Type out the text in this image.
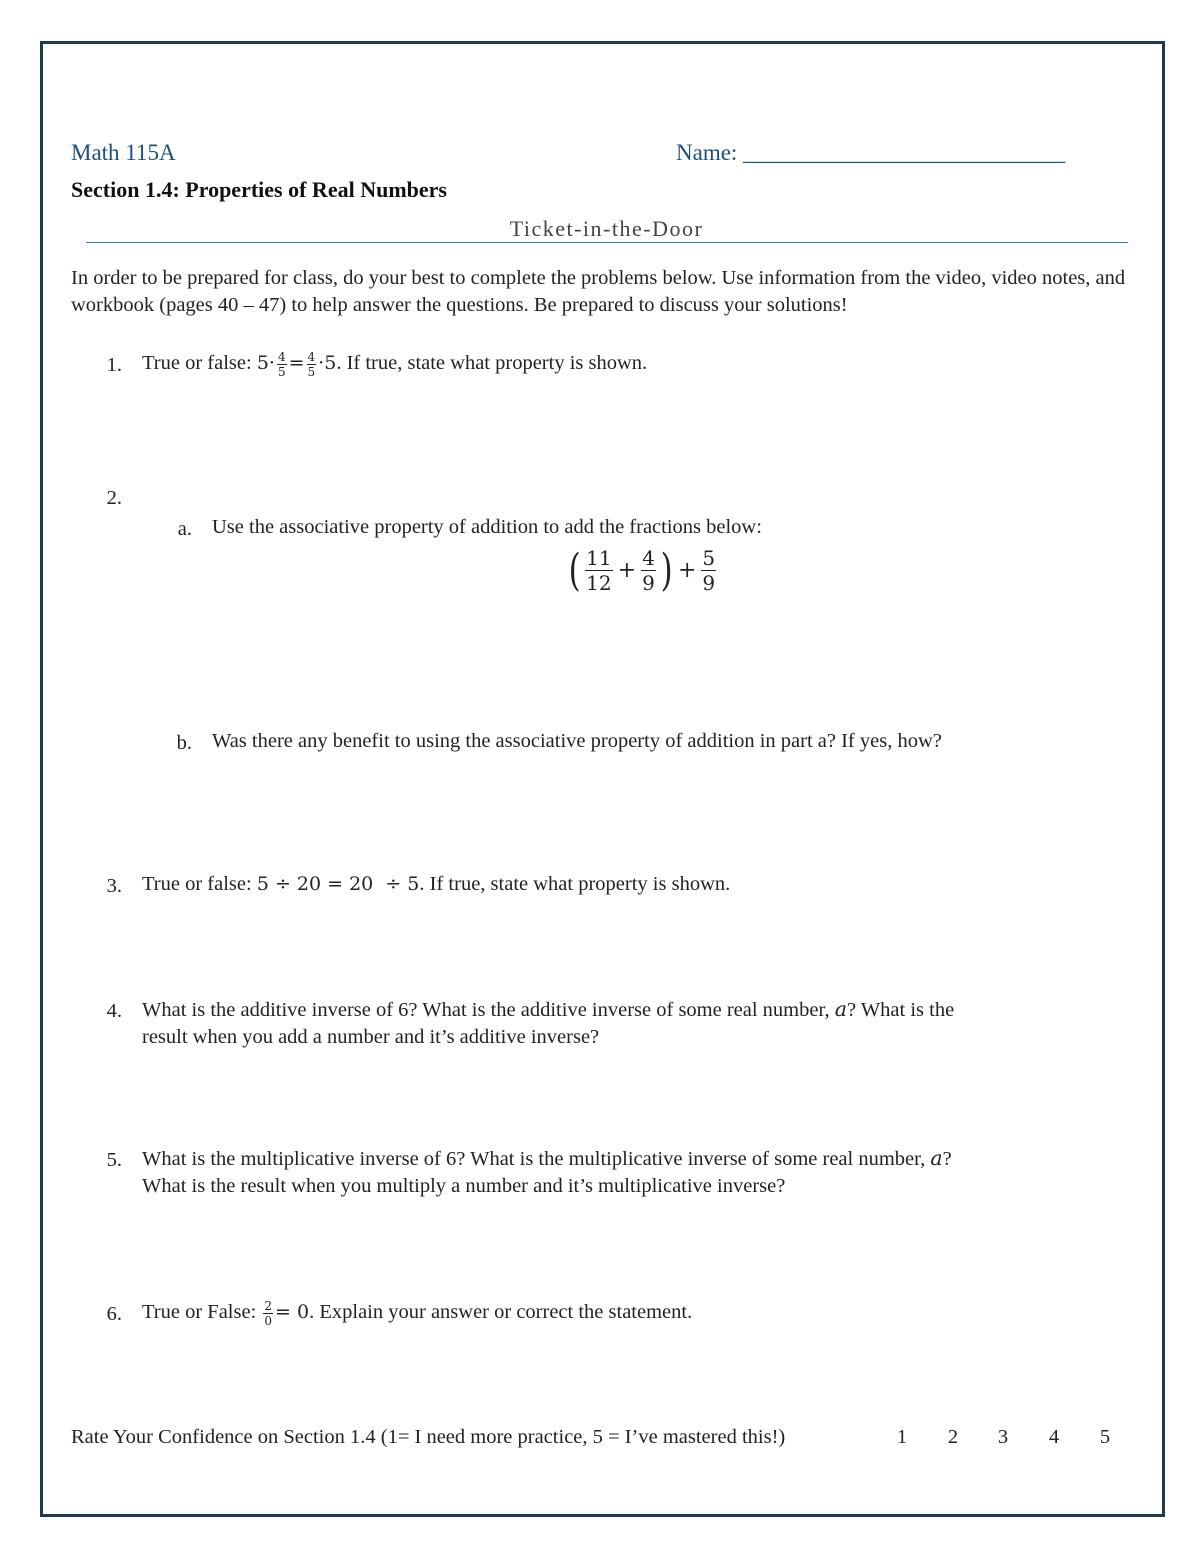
Math 115A	Name: ____________________________
Section 1.4: Properties of Real Numbers
Ticket-in-the-Door
In order to be prepared for class, do your best to complete the problems below. Use information from the video, video notes, and workbook (pages 40 – 47) to help answer the questions. Be prepared to discuss your solutions!
1. True or false: $5\cdot \frac{4}{5} = \frac{4}{5} \cdot 5$. If true, state what property is shown.
2.
a. Use the associative property of addition to add the fractions below:
( $\frac{11}{12} + \frac{4}{9}$ ) + $\frac{5}{9}$
b. Was there any benefit to using the associative property of addition in part a? If yes, how?
3. True or false: 5 ÷ 20 = 20  ÷ 5. If true, state what property is shown.
4. What is the additive inverse of 6? What is the additive inverse of some real number, a? What is the
result when you add a number and it’s additive inverse?
5. What is the multiplicative inverse of 6? What is the multiplicative inverse of some real number, a?
What is the result when you multiply a number and it’s multiplicative inverse?
6. True or False: $\frac{2}{0} = 0$. Explain your answer or correct the statement.
Rate Your Confidence on Section 1.4 (1= I need more practice, 5 = I’ve mastered this!)	1 2 3 4 5
